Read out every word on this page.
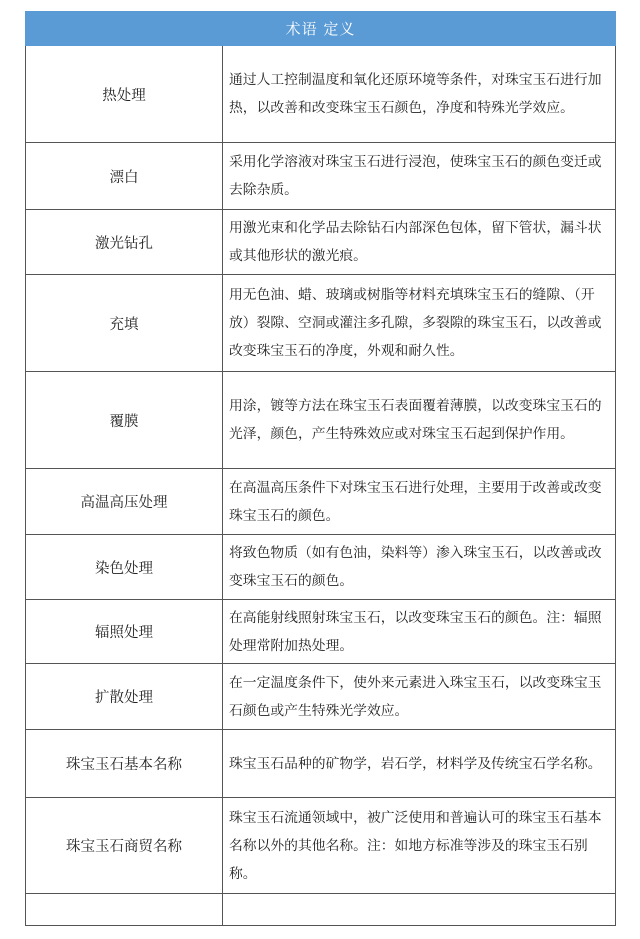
术语 定义	
热处理	通过人工控制温度和氧化还原环境等条件，对珠宝玉石进行加热，以改善和改变珠宝玉石颜色，净度和特殊光学效应。
漂白	采用化学溶液对珠宝玉石进行浸泡，使珠宝玉石的颜色变迁或去除杂质。
激光钻孔	用激光束和化学品去除钻石内部深色包体，留下管状，漏斗状或其他形状的激光痕。
充填	用无色油、蜡、玻璃或树脂等材料充填珠宝玉石的缝隙、（开放）裂隙、空洞或灌注多孔隙，多裂隙的珠宝玉石，以改善或改变珠宝玉石的净度，外观和耐久性。
覆膜	用涂，镀等方法在珠宝玉石表面覆着薄膜，以改变珠宝玉石的光泽，颜色，产生特殊效应或对珠宝玉石起到保护作用。
高温高压处理	在高温高压条件下对珠宝玉石进行处理，主要用于改善或改变珠宝玉石的颜色。
染色处理	将致色物质（如有色油，染料等）渗入珠宝玉石，以改善或改变珠宝玉石的颜色。
辐照处理	在高能射线照射珠宝玉石，以改变珠宝玉石的颜色。注：辐照处理常附加热处理。
扩散处理	在一定温度条件下，使外来元素进入珠宝玉石，以改变珠宝玉石颜色或产生特殊光学效应。
珠宝玉石基本名称	珠宝玉石品种的矿物学，岩石学，材料学及传统宝石学名称。
珠宝玉石商贸名称	珠宝玉石流通领域中，被广泛使用和普遍认可的珠宝玉石基本名称以外的其他名称。注：如地方标准等涉及的珠宝玉石别称。
